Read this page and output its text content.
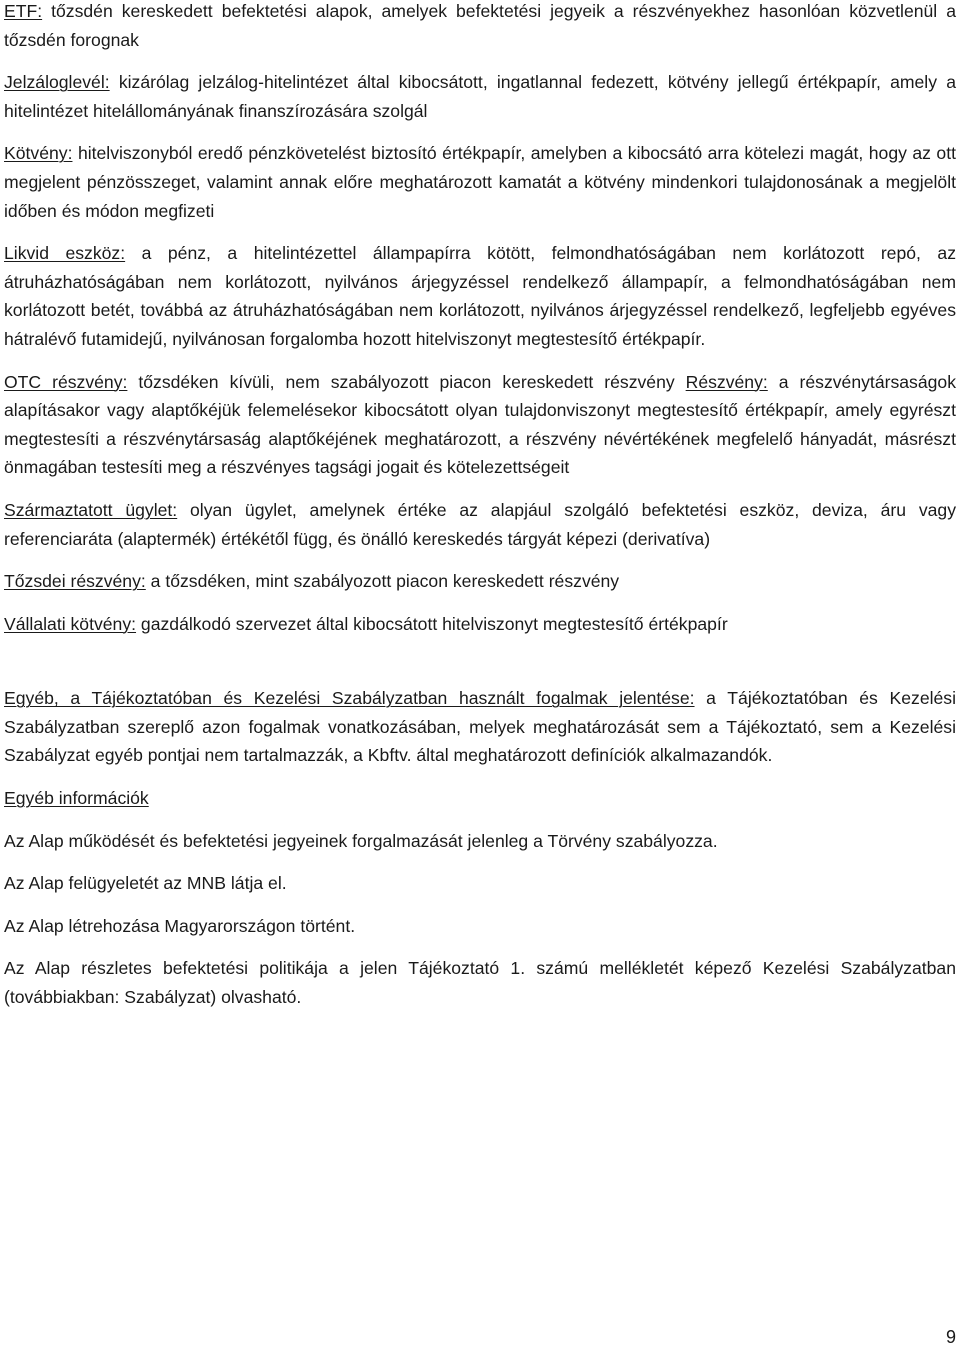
ETF: tőzsdén kereskedett befektetési alapok, amelyek befektetési jegyeik a részvényekhez hasonlóan közvetlenül a tőzsdén forognak

Jelzáloglevél: kizárólag jelzálog-hitelintézet által kibocsátott, ingatlannal fedezett, kötvény jellegű értékpapír, amely a hitelintézet hitelállományának finanszírozására szolgál

Kötvény: hitelviszonyból eredő pénzkövetelést biztosító értékpapír, amelyben a kibocsátó arra kötelezi magát, hogy az ott megjelent pénzösszeget, valamint annak előre meghatározott kamatát a kötvény mindenkori tulajdonosának a megjelölt időben és módon megfizeti

Likvid eszköz: a pénz, a hitelintézettel állampapírra kötött, felmondhatóságában nem korlátozott repó, az átruházhatóságában nem korlátozott, nyilvános árjegyzéssel rendelkező állampapír, a felmondhatóságában nem korlátozott betét, továbbá az átruházhatóságában nem korlátozott, nyilvános árjegyzéssel rendelkező, legfeljebb egyéves hátralévő futamidejű, nyilvánosan forgalomba hozott hitelviszonyt megtestesítő értékpapír.

OTC részvény: tőzsdéken kívüli, nem szabályozott piacon kereskedett részvény Részvény: a részvénytársaságok alapításakor vagy alaptőkéjük felemelésekor kibocsátott olyan tulajdonviszonyt megtestesítő értékpapír, amely egyrészt megtestesíti a részvénytársaság alaptőkéjének meghatározott, a részvény névértékének megfelelő hányadát, másrészt önmagában testesíti meg a részvényes tagsági jogait és kötelezettségeit

Származtatott ügylet: olyan ügylet, amelynek értéke az alapjául szolgáló befektetési eszköz, deviza, áru vagy referenciaráta (alaptermék) értékétől függ, és önálló kereskedés tárgyát képezi (derivatíva)

Tőzsdei részvény: a tőzsdéken, mint szabályozott piacon kereskedett részvény

Vállalati kötvény: gazdálkodó szervezet által kibocsátott hitelviszonyt megtestesítő értékpapír

Egyéb, a Tájékoztatóban és Kezelési Szabályzatban használt fogalmak jelentése: a Tájékoztatóban és Kezelési Szabályzatban szereplő azon fogalmak vonatkozásában, melyek meghatározását sem a Tájékoztató, sem a Kezelési Szabályzat egyéb pontjai nem tartalmazzák, a Kbftv. által meghatározott definíciók alkalmazandók.

Egyéb információk

Az Alap működését és befektetési jegyeinek forgalmazását jelenleg a Törvény szabályozza.

Az Alap felügyeletét az MNB látja el.

Az Alap létrehozása Magyarországon történt.

Az Alap részletes befektetési politikája a jelen Tájékoztató 1. számú mellékletét képező Kezelési Szabályzatban (továbbiakban: Szabályzat) olvasható.

9
